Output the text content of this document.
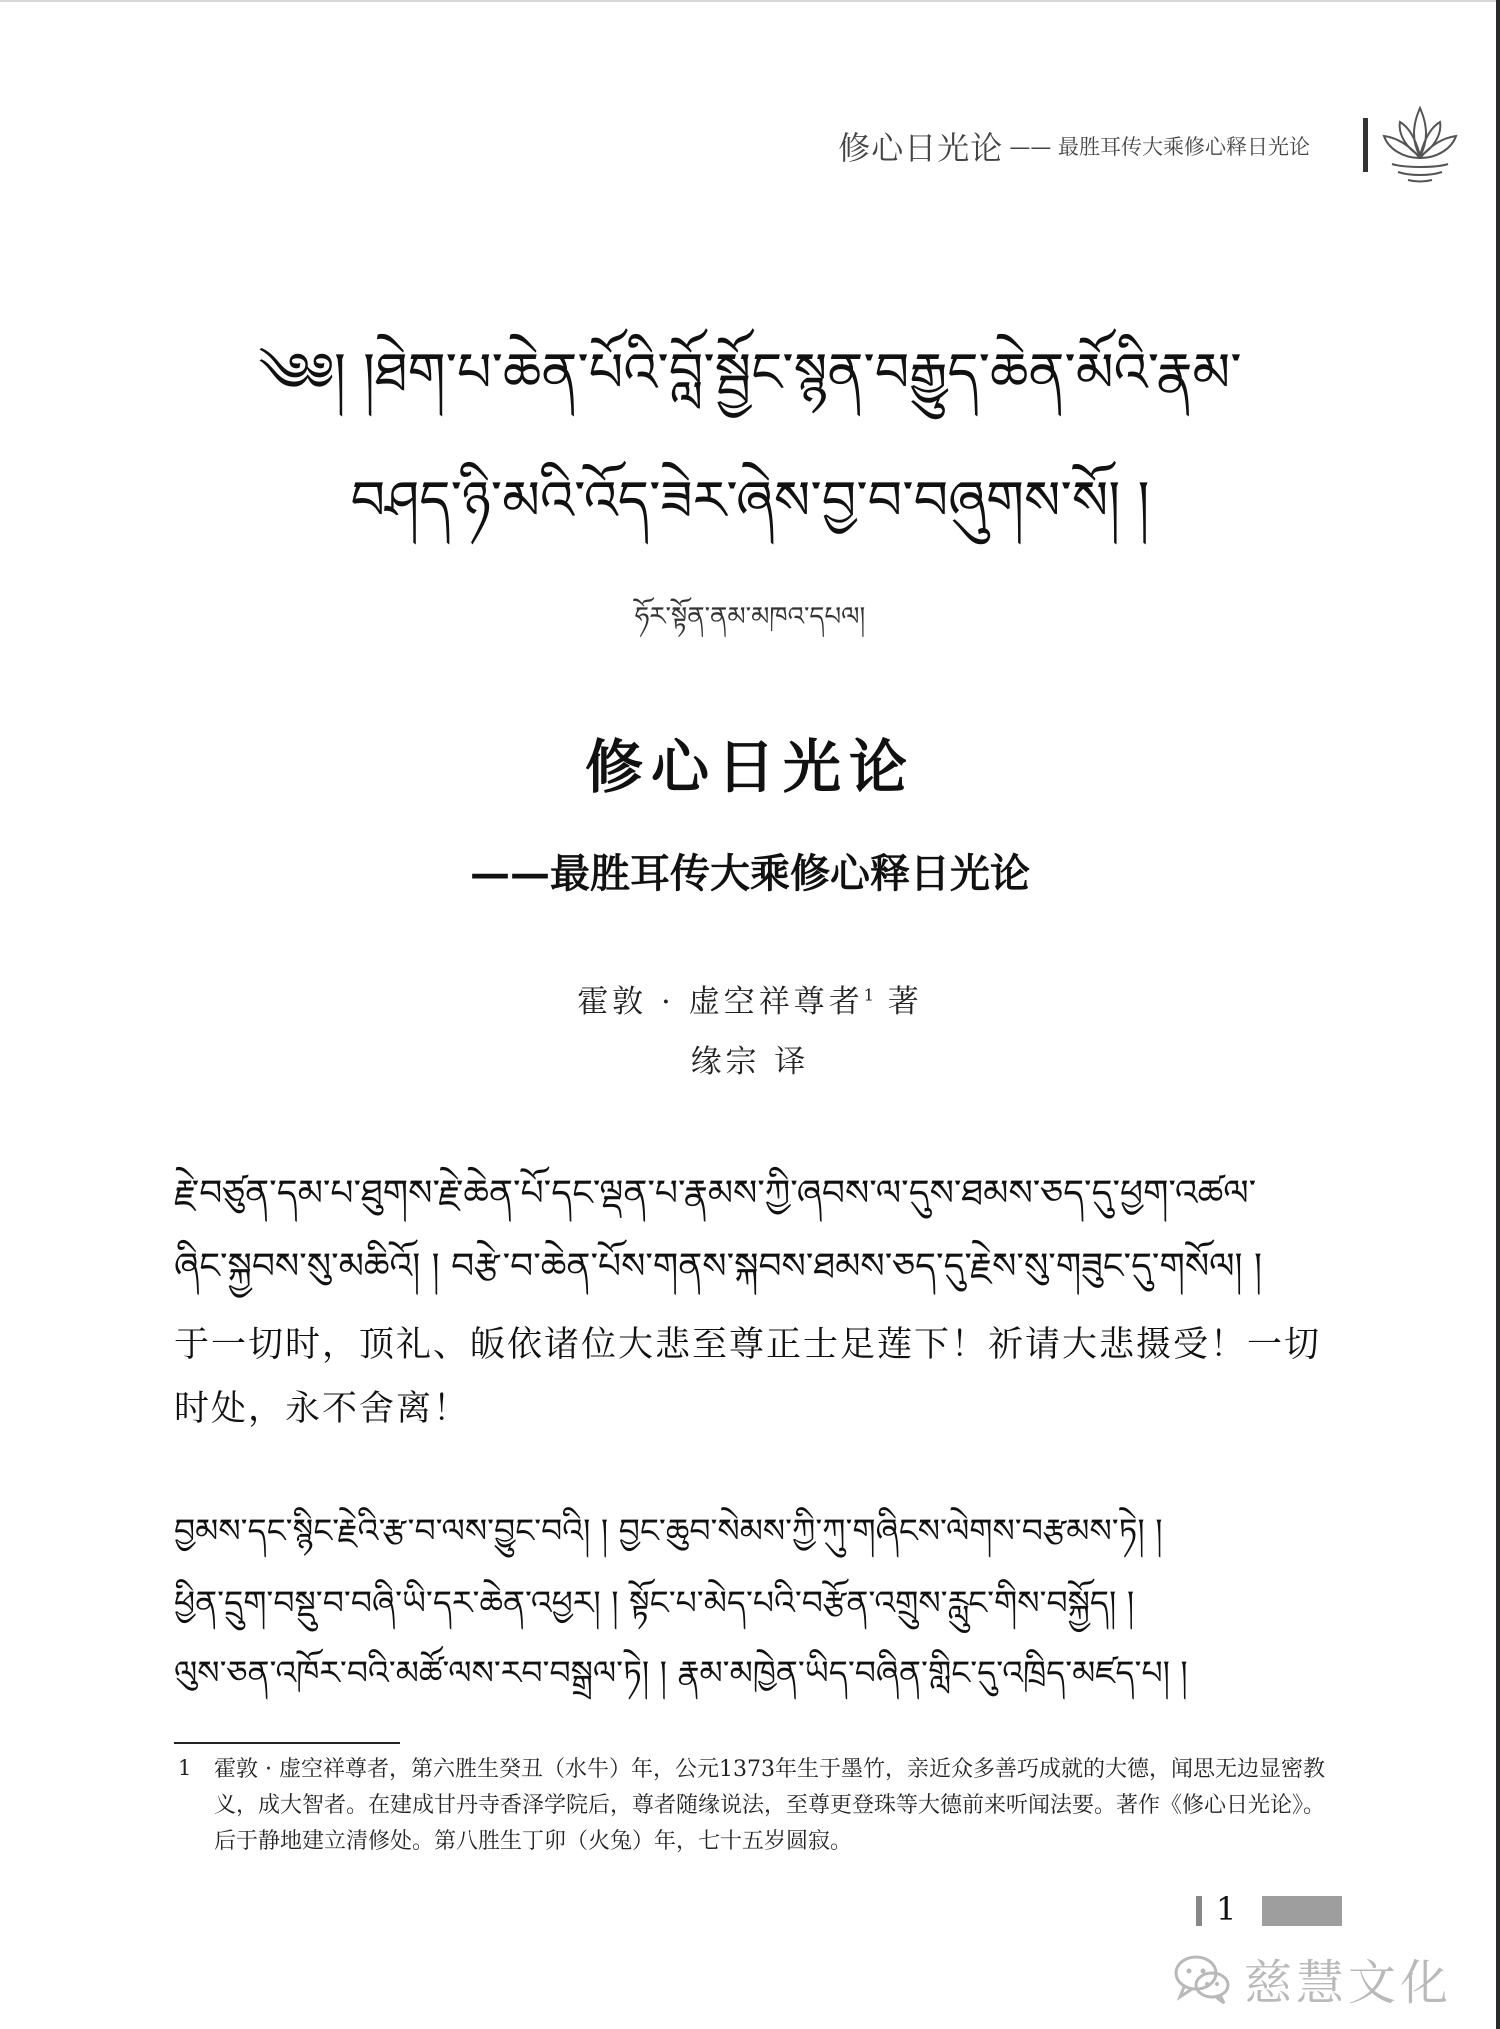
修心日光论 —— 最胜耳传大乘修心释日光论
༄༅། །ཐེག་པ་ཆེན་པོའི་བློ་སྦྱོང་སྙན་བརྒྱུད་ཆེན་མོའི་རྣམ་
བཤད་ཉི་མའི་འོད་ཟེར་ཞེས་བྱ་བ་བཞུགས་སོ། །
ཧོར་སྟོན་ནམ་མཁའ་དཔལ།
修心日光论
——最胜耳传大乘修心释日光论
霍敦 · 虚空祥尊者$^1$ 著
缘宗 译
རྗེ་བཙུན་དམ་པ་ཐུགས་རྗེ་ཆེན་པོ་དང་ལྡན་པ་རྣམས་ཀྱི་ཞབས་ལ་དུས་ཐམས་ཅད་དུ་ཕྱག་འཚལ་
ཞིང་སྐྱབས་སུ་མཆིའོ། ། བརྩེ་བ་ཆེན་པོས་གནས་སྐབས་ཐམས་ཅད་དུ་རྗེས་སུ་གཟུང་དུ་གསོལ། །
于一切时，顶礼、皈依诸位大悲至尊正士足莲下！祈请大悲摄受！一切时处，永不舍离！
བྱམས་དང་སྙིང་རྗེའི་རྩ་བ་ལས་བྱུང་བའི། ། བྱང་ཆུབ་སེམས་ཀྱི་ཀུ་གཞིངས་ལེགས་བརྩམས་ཏེ། །
ཕྱིན་དྲུག་བསྡུ་བ་བཞི་ཡི་དར་ཆེན་འཕྱར། ། སྟོང་པ་མེད་པའི་བརྩོན་འགྲུས་རླུང་གིས་བསྐྱོད། །
ལུས་ཅན་འཁོར་བའི་མཚོ་ལས་རབ་བསྒྲལ་ཏེ། ། རྣམ་མཁྱེན་ཡིད་བཞིན་གླིང་དུ་འཁྲིད་མཛད་པ། །
1 霍敦 · 虚空祥尊者，第六胜生癸丑（水牛）年，公元1373年生于墨竹，亲近众多善巧成就的大德，闻思无边显密教义，成大智者。在建成甘丹寺香泽学院后，尊者随缘说法，至尊更登珠等大德前来听闻法要。著作《修心日光论》。后于静地建立清修处。第八胜生丁卯（火兔）年，七十五岁圆寂。
1
慈慧文化
